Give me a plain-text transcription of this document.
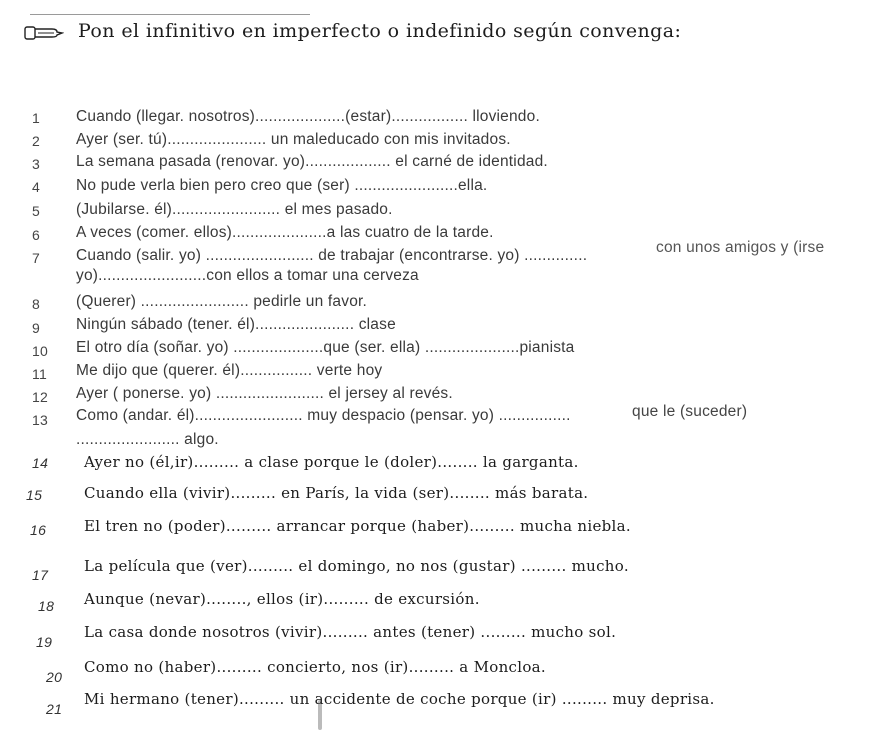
Pon el infinitivo en imperfecto o indefinido según convenga:
1 Cuando (llegar. nosotros)....................(estar)................. lloviendo.
2 Ayer (ser. tú)...................... un maleducado con mis invitados.
3 La semana pasada (renovar. yo)................... el carné de identidad.
4 No pude verla bien pero creo que (ser) .......................ella.
5 (Jubilarse. él)........................ el mes pasado.
6 A veces (comer. ellos).....................a las cuatro de la tarde.
7 Cuando (salir. yo) ........................ de trabajar (encontrarse. yo) ..............	con unos amigos y (irse
yo)........................con ellos a tomar una cerveza
8 (Querer) ........................ pedirle un favor.
9 Ningún sábado (tener. él)...................... clase
10 El otro día (soñar. yo) ....................que (ser. ella) .....................pianista
11 Me dijo que (querer. él)................ verte hoy
12 Ayer ( ponerse. yo) ........................ el jersey al revés.
13 Como (andar. él)........................ muy despacio (pensar. yo) ................	que le (suceder)
....................... algo.
14 Ayer no (él,ir)......... a clase porque le (doler)........ la garganta.
15	Cuando ella (vivir)......... en París, la vida (ser)........ más barata.
16	El tren no (poder)......... arrancar porque (haber)......... mucha niebla.
17 La película que (ver)......... el domingo, no nos (gustar) ......... mucho.
18 Aunque (nevar)........, ellos (ir)......... de excursión.
19
La casa donde nosotros (vivir)......... antes (tener) ......... mucho sol.
20
Como no (haber)......... concierto, nos (ir)......... a Moncloa.
21
Mi hermano (tener)......... un accidente de coche porque (ir) ......... muy deprisa.
